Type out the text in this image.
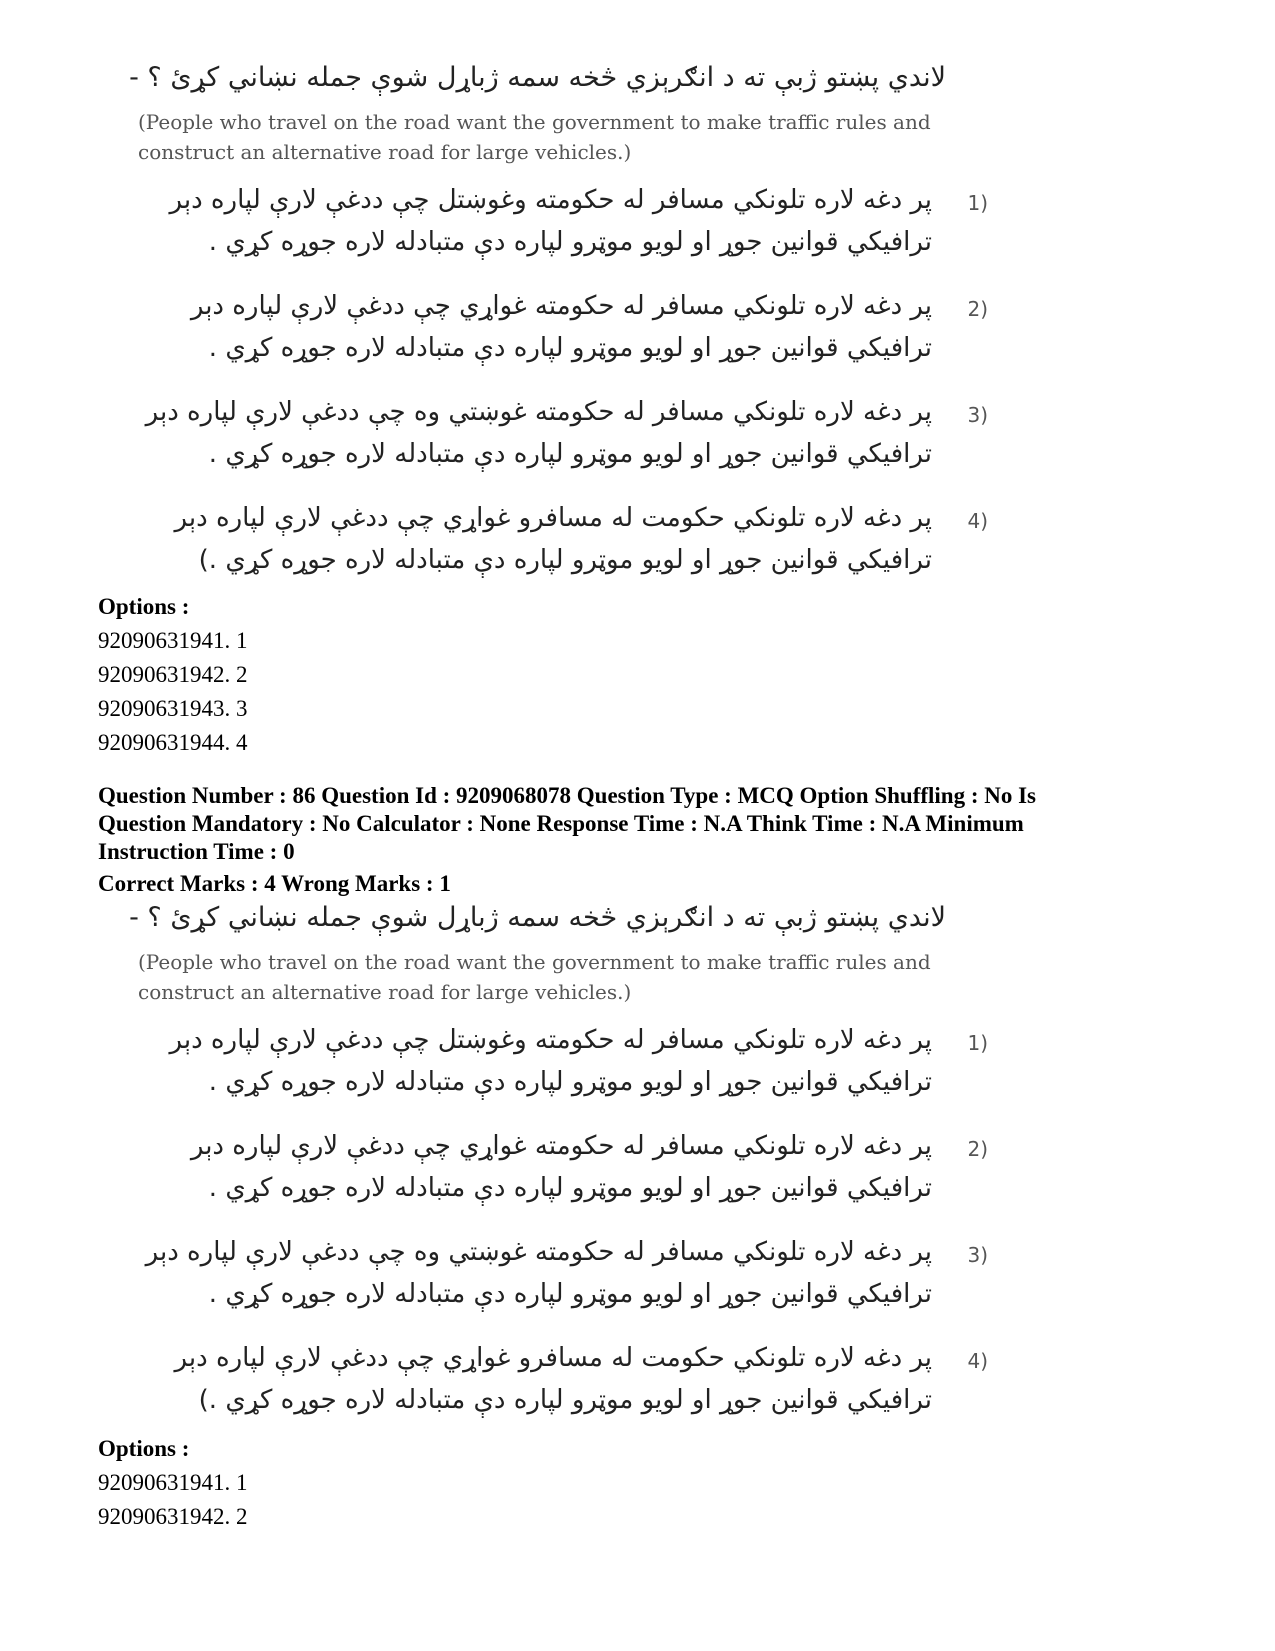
لاندي پښتو ژبې ته د انګرېزي څخه سمه ژباړل شوې جمله نښاني کړئ ؟ -

(People who travel on the road want the government to make traffic rules and construct an alternative road for large vehicles.)

1)
پر دغه لاره تلونکي مسافر له حکومته وغوښتل چې ددغې لارې لپاره دېر
ترافيکي قوانين جوړ او لويو موټرو لپاره دې متبادله لاره جوړه کړي .
2)
پر دغه لاره تلونکي مسافر له حکومته غواړي چې ددغې لارې لپاره دېر
ترافيکي قوانين جوړ او لويو موټرو لپاره دې متبادله لاره جوړه کړي .
3)
پر دغه لاره تلونکي مسافر له حکومته غوښتي وه چې ددغې لارې لپاره دېر
ترافيکي قوانين جوړ او لويو موټرو لپاره دې متبادله لاره جوړه کړي .
4)
پر دغه لاره تلونکي حکومت له مسافرو غواړي چې ددغې لارې لپاره دېر
ترافيکي قوانين جوړ او لويو موټرو لپاره دې متبادله لاره جوړه کړي .)
Options :
92090631941. 1
92090631942. 2
92090631943. 3
92090631944. 4
Question Number : 86 Question Id : 9209068078 Question Type : MCQ Option Shuffling : No Is
Question Mandatory : No Calculator : None Response Time : N.A Think Time : N.A Minimum
Instruction Time : 0
Correct Marks : 4 Wrong Marks : 1

لاندي پښتو ژبې ته د انګرېزي څخه سمه ژباړل شوې جمله نښاني کړئ ؟ -

(People who travel on the road want the government to make traffic rules and construct an alternative road for large vehicles.)

1)
پر دغه لاره تلونکي مسافر له حکومته وغوښتل چې ددغې لارې لپاره دېر
ترافيکي قوانين جوړ او لويو موټرو لپاره دې متبادله لاره جوړه کړي .
2)
پر دغه لاره تلونکي مسافر له حکومته غواړي چې ددغې لارې لپاره دېر
ترافيکي قوانين جوړ او لويو موټرو لپاره دې متبادله لاره جوړه کړي .
3)
پر دغه لاره تلونکي مسافر له حکومته غوښتي وه چې ددغې لارې لپاره دېر
ترافيکي قوانين جوړ او لويو موټرو لپاره دې متبادله لاره جوړه کړي .
4)
پر دغه لاره تلونکي حکومت له مسافرو غواړي چې ددغې لارې لپاره دېر
ترافيکي قوانين جوړ او لويو موټرو لپاره دې متبادله لاره جوړه کړي .)
Options :
92090631941. 1
92090631942. 2
